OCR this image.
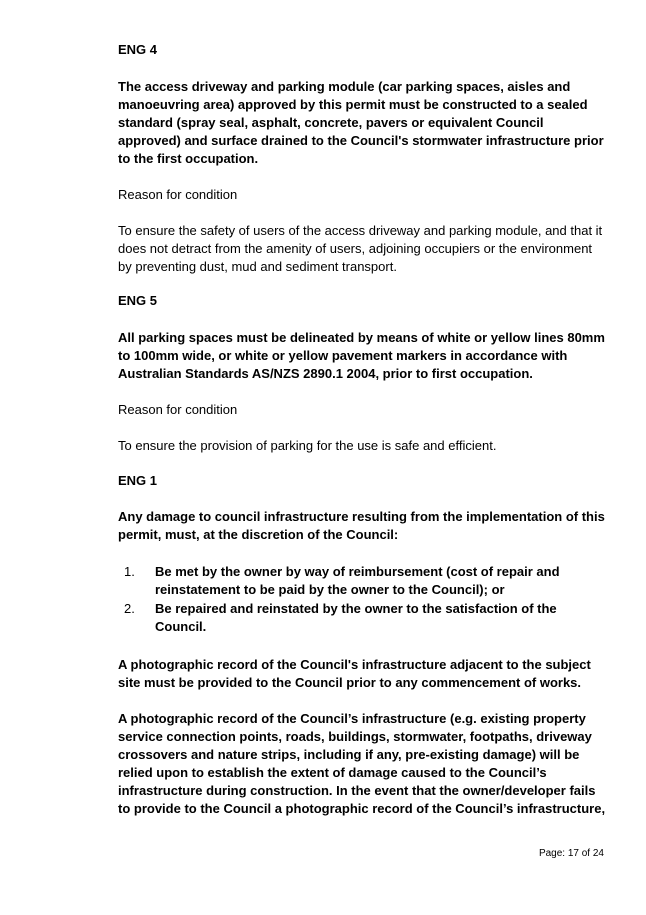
ENG 4
The access driveway and parking module (car parking spaces, aisles and manoeuvring area) approved by this permit must be constructed to a sealed standard (spray seal, asphalt, concrete, pavers or equivalent Council approved) and surface drained to the Council's stormwater infrastructure prior to the first occupation.
Reason for condition
To ensure the safety of users of the access driveway and parking module, and that it does not detract from the amenity of users, adjoining occupiers or the environment by preventing dust, mud and sediment transport.
ENG 5
All parking spaces must be delineated by means of white or yellow lines 80mm to 100mm wide, or white or yellow pavement markers in accordance with Australian Standards AS/NZS 2890.1 2004, prior to first occupation.
Reason for condition
To ensure the provision of parking for the use is safe and efficient.
ENG 1
Any damage to council infrastructure resulting from the implementation of this permit, must, at the discretion of the Council:
1. Be met by the owner by way of reimbursement (cost of repair and reinstatement to be paid by the owner to the Council); or
2. Be repaired and reinstated by the owner to the satisfaction of the Council.
A photographic record of the Council's infrastructure adjacent to the subject site must be provided to the Council prior to any commencement of works.
A photographic record of the Council’s infrastructure (e.g. existing property service connection points, roads, buildings, stormwater, footpaths, driveway crossovers and nature strips, including if any, pre-existing damage) will be relied upon to establish the extent of damage caused to the Council’s infrastructure during construction. In the event that the owner/developer fails to provide to the Council a photographic record of the Council’s infrastructure,
Page: 17 of 24
